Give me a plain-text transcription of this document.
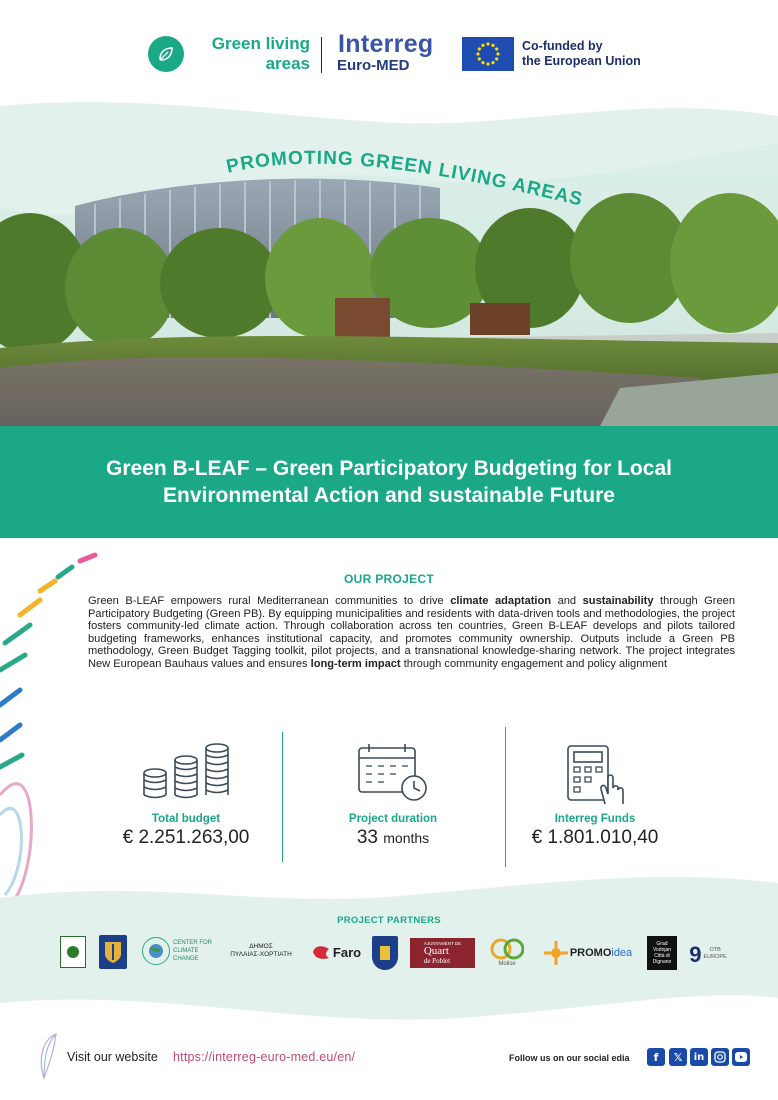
Green living
areas
Interreg
Euro-MED
Co-funded by
the European Union
PROMOTING GREEN LIVING AREAS
Green B-LEAF – Green Participatory Budgeting for Local Environmental Action and sustainable Future
OUR PROJECT
Green B-LEAF empowers rural Mediterranean communities to drive climate adaptation and sustainability through Green Participatory Budgeting (Green PB). By equipping municipalities and residents with data-driven tools and methodologies, the project fosters community-led climate action. Through collaboration across ten countries, Green B-LEAF develops and pilots tailored budgeting frameworks, enhances institutional capacity, and promotes community ownership. Outputs include a Green PB methodology, Green Budget Tagging toolkit, pilot projects, and a transnational knowledge-sharing network. The project integrates New European Bauhaus values and ensures long-term impact through community engagement and policy alignment
Total budget
€ 2.251.263,00
Project duration
33 months
Interreg Funds
€ 1.801.010,40
PROJECT PARTNERS
CENTER FOR CLIMATE CHANGE
ΔΗΜΟΣ
ΠΥΛΑΙΑΣ-ΧΟΡΤΙΑΤΗ	Faro
AJUNTAMENT DE
Quart
de Poblet	Molise
PROMO idea
Grad
Vodnjan
Città di
Dignano 9	OTB
EUROPE
Visit our website https://interreg-euro-med.eu/en/	Follow us on our social edia	f	𝕏	in
